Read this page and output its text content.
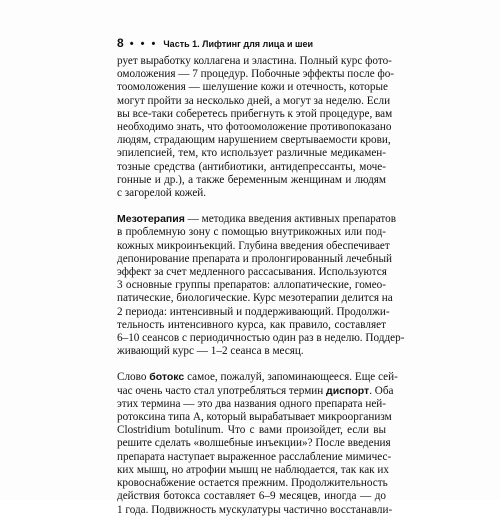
8 • • • Часть 1. Лифтинг для лица и шеи

рует выработку коллагена и эластина. Полный курс фото-
омоложения — 7 процедур. Побочные эффекты после фо-
тоомоложения — шелушение кожи и отечность, которые
могут пройти за несколько дней, а могут за неделю. Если
вы все-таки соберетесь прибегнуть к этой процедуре, вам
необходимо знать, что фотоомоложение противопоказано
людям, страдающим нарушением свертываемости крови,
эпилепсией, тем, кто использует различные медикамен-
тозные средства (антибиотики, антидепрессанты, моче-
гонные и др.), а также беременным женщинам и людям
с загорелой кожей.

Мезотерапия — методика введения активных препаратов
в проблемную зону с помощью внутрикожных или под-
кожных микроинъекций. Глубина введения обеспечивает
депонирование препарата и пролонгированный лечебный
эффект за счет медленного рассасывания. Используются
3 основные группы препаратов: аллопатические, гомео-
патические, биологические. Курс мезотерапии делится на
2 периода: интенсивный и поддерживающий. Продолжи-
тельность интенсивного курса, как правило, составляет
6–10 сеансов с периодичностью один раз в неделю. Поддер-
живающий курс — 1–2 сеанса в месяц.

Слово ботокс самое, пожалуй, запоминающееся. Еще сей-
час очень часто стал употребляться термин диспорт. Оба
этих термина — это два названия одного препарата ней-
ротоксина типа А, который вырабатывает микроорганизм
Clostridium botulinum. Что с вами произойдет, если вы
решите сделать «волшебные инъекции»? После введения
препарата наступает выраженное расслабление мимичес-
ких мышц, но атрофии мышц не наблюдается, так как их
кровоснабжение остается прежним. Продолжительность
действия ботокса составляет 6–9 месяцев, иногда — до
1 года. Подвижность мускулатуры частично восстанавли-
